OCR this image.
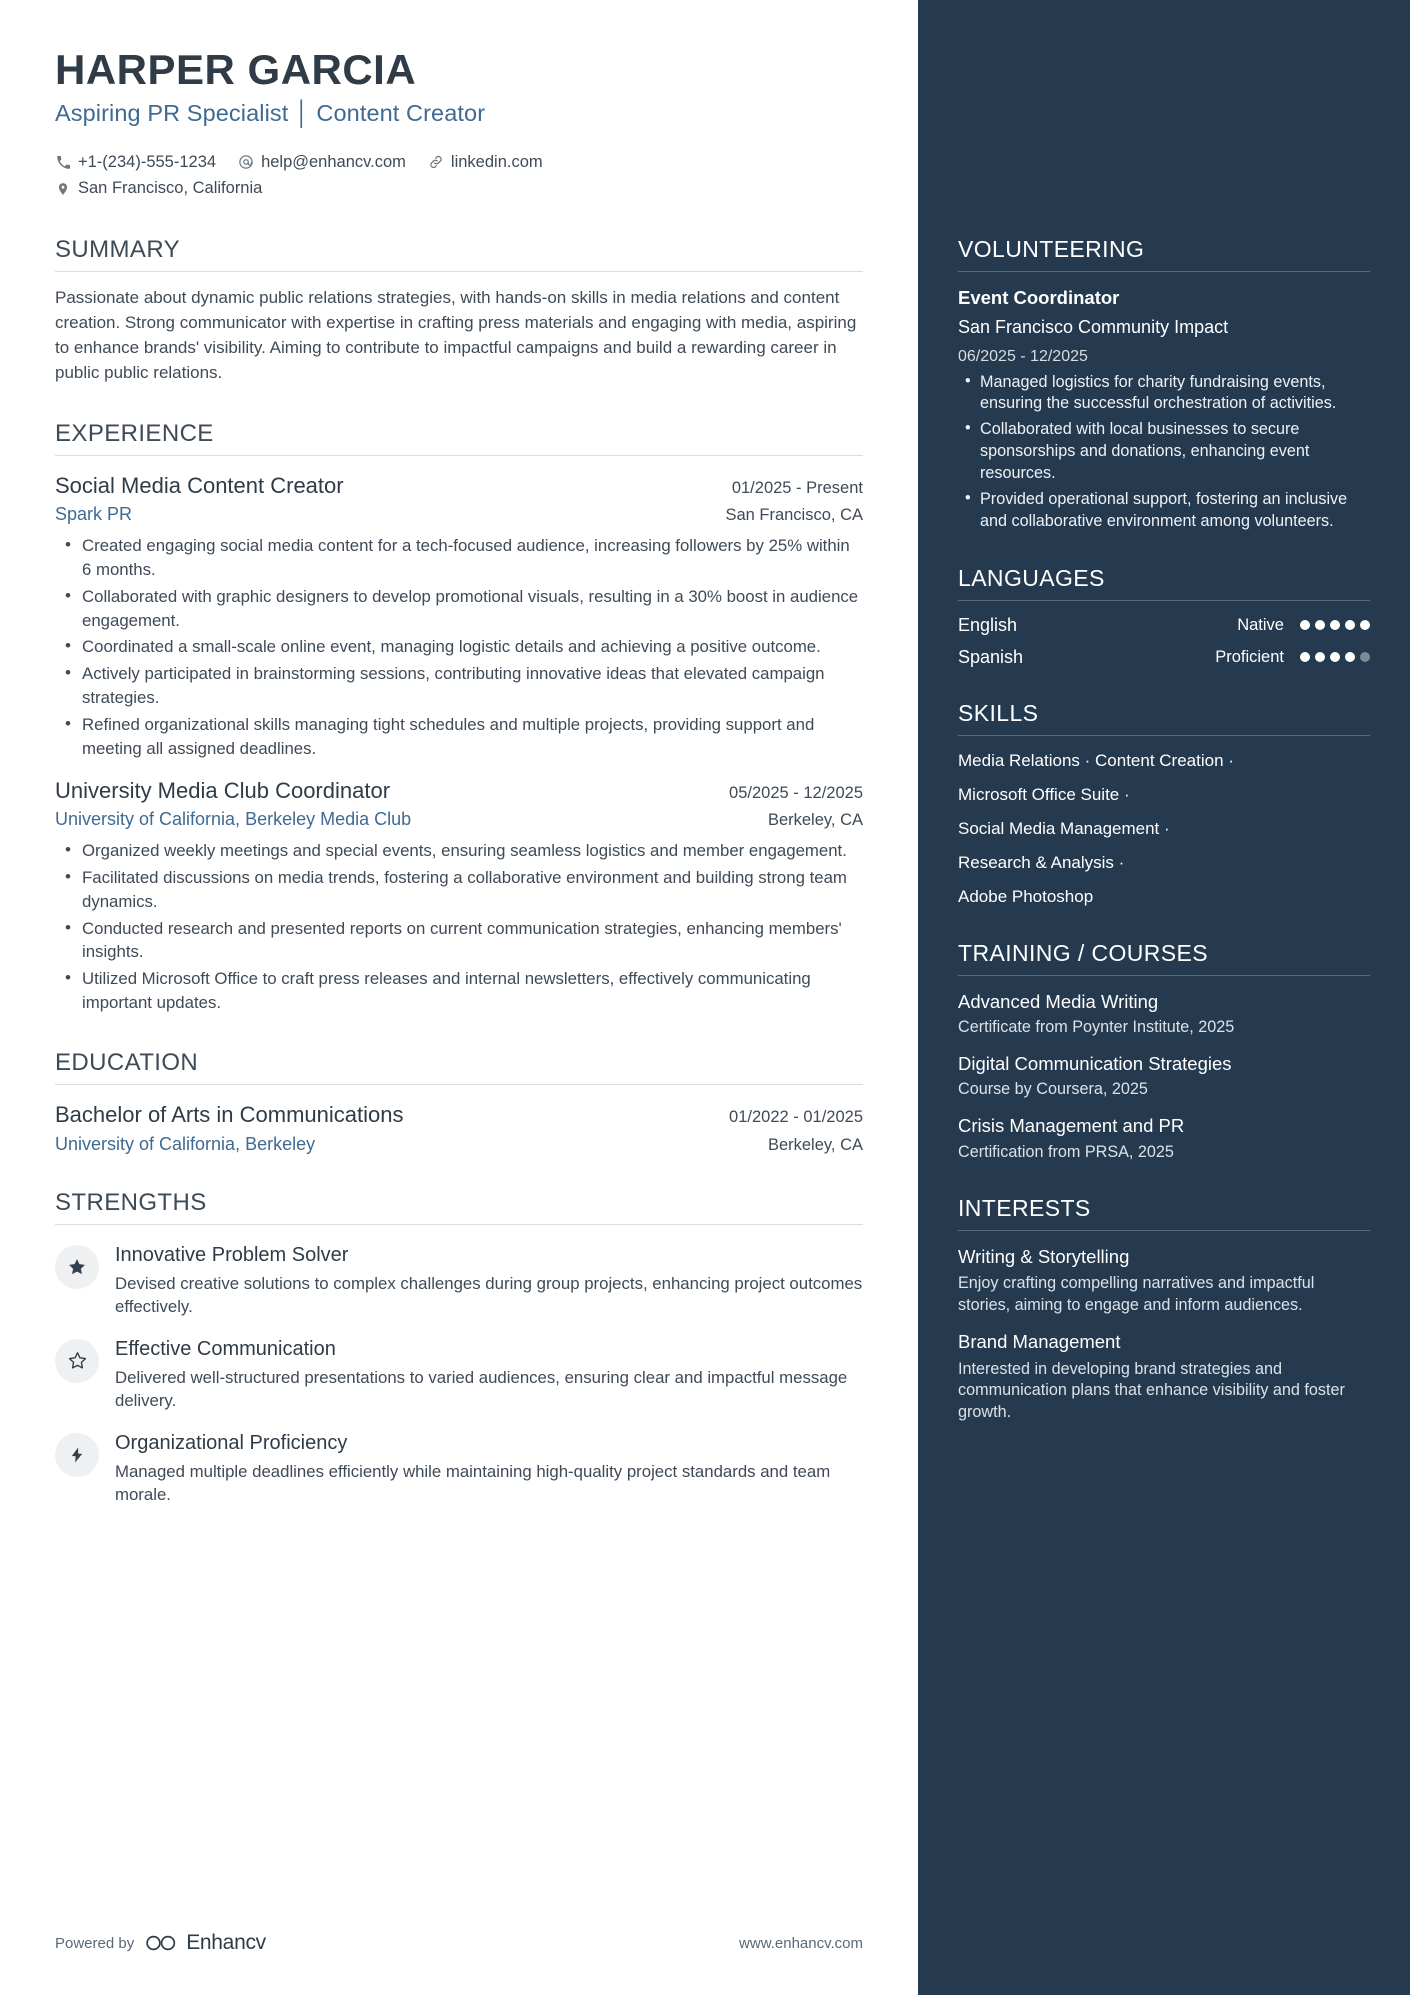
HARPER GARCIA
Aspiring PR Specialist │ Content Creator
+1-(234)-555-1234	help@enhancv.com	linkedin.com
San Francisco, California
SUMMARY
Passionate about dynamic public relations strategies, with hands-on skills in media relations and content creation. Strong communicator with expertise in crafting press materials and engaging with media, aspiring to enhance brands' visibility. Aiming to contribute to impactful campaigns and build a rewarding career in public public relations.
EXPERIENCE
Social Media Content Creator	01/2025 - Present
Spark PR	San Francisco, CA
• Created engaging social media content for a tech-focused audience, increasing followers by 25% within 6 months.
• Collaborated with graphic designers to develop promotional visuals, resulting in a 30% boost in audience engagement.
• Coordinated a small-scale online event, managing logistic details and achieving a positive outcome.
• Actively participated in brainstorming sessions, contributing innovative ideas that elevated campaign strategies.
• Refined organizational skills managing tight schedules and multiple projects, providing support and meeting all assigned deadlines.
University Media Club Coordinator	05/2025 - 12/2025
University of California, Berkeley Media Club	Berkeley, CA
• Organized weekly meetings and special events, ensuring seamless logistics and member engagement.
• Facilitated discussions on media trends, fostering a collaborative environment and building strong team dynamics.
• Conducted research and presented reports on current communication strategies, enhancing members' insights.
• Utilized Microsoft Office to craft press releases and internal newsletters, effectively communicating important updates.
EDUCATION
Bachelor of Arts in Communications	01/2022 - 01/2025
University of California, Berkeley	Berkeley, CA
STRENGTHS
Innovative Problem Solver
Devised creative solutions to complex challenges during group projects, enhancing project outcomes effectively.
Effective Communication
Delivered well-structured presentations to varied audiences, ensuring clear and impactful message delivery.
Organizational Proficiency
Managed multiple deadlines efficiently while maintaining high-quality project standards and team morale.
Powered by Enhancv	www.enhancv.com
VOLUNTEERING
Event Coordinator
San Francisco Community Impact
06/2025 - 12/2025
• Managed logistics for charity fundraising events, ensuring the successful orchestration of activities.
• Collaborated with local businesses to secure sponsorships and donations, enhancing event resources.
• Provided operational support, fostering an inclusive and collaborative environment among volunteers.
LANGUAGES
English	Native
Spanish	Proficient
SKILLS
Media Relations · Content Creation ·
Microsoft Office Suite ·
Social Media Management ·
Research & Analysis ·
Adobe Photoshop
TRAINING / COURSES
Advanced Media Writing
Certificate from Poynter Institute, 2025
Digital Communication Strategies
Course by Coursera, 2025
Crisis Management and PR
Certification from PRSA, 2025
INTERESTS
Writing & Storytelling
Enjoy crafting compelling narratives and impactful stories, aiming to engage and inform audiences.
Brand Management
Interested in developing brand strategies and communication plans that enhance visibility and foster growth.
